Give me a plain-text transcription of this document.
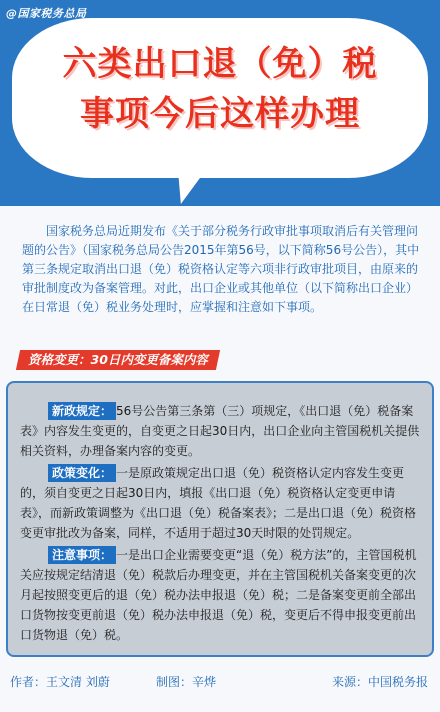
@国家税务总局
六类出口退（免）税
事项今后这样办理
国家税务总局近期发布《关于部分税务行政审批事项取消后有关管理问题的公告》（国家税务总局公告2015年第56号，以下简称56号公告），其中第三条规定取消出口退（免）税资格认定等六项非行政审批项目，由原来的审批制度改为备案管理。对此，出口企业或其他单位（以下简称出口企业）在日常退（免）税业务处理时，应掌握和注意如下事项。
资格变更：30日内变更备案内容

新政规定： 56号公告第三条第（三）项规定，《出口退（免）税备案表》内容发生变更的，自变更之日起30日内，出口企业向主管国税机关提供相关资料，办理备案内容的变更。

政策变化： 一是原政策规定出口退（免）税资格认定内容发生变更的，须自变更之日起30日内，填报《出口退（免）税资格认定变更申请表》，而新政策调整为《出口退（免）税备案表》；二是出口退（免）税资格变更审批改为备案，同样，不适用于超过30天时限的处罚规定。

注意事项： 一是出口企业需要变更“退（免）税方法”的，主管国税机关应按规定结清退（免）税款后办理变更，并在主管国税机关备案变更的次月起按照变更后的退（免）税办法申报退（免）税；二是备案变更前全部出口货物按变更前退（免）税办法申报退（免）税，变更后不得申报变更前出口货物退（免）税。

作者：王文清 刘蔚	制图：辛烨	来源：中国税务报
